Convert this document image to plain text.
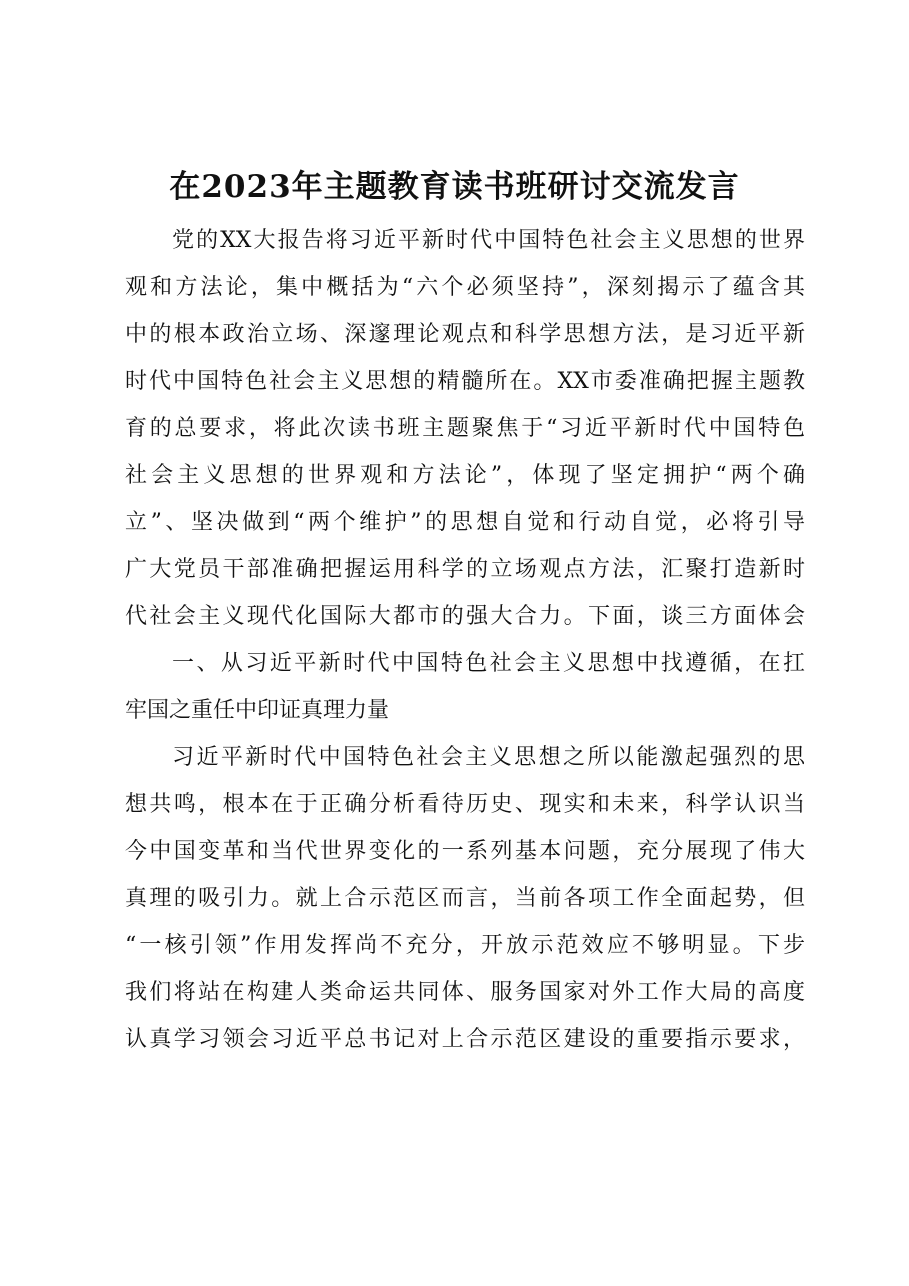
在2023年主题教育读书班研讨交流发言
党的XX大报告将习近平新时代中国特色社会主义思想的世界
观和方法论，集中概括为“六个必须坚持”，深刻揭示了蕴含其
中的根本政治立场、深邃理论观点和科学思想方法，是习近平新
时代中国特色社会主义思想的精髓所在。XX市委准确把握主题教
育的总要求，将此次读书班主题聚焦于“习近平新时代中国特色
社会主义思想的世界观和方法论”，体现了坚定拥护“两个确
立”、坚决做到“两个维护”的思想自觉和行动自觉，必将引导
广大党员干部准确把握运用科学的立场观点方法，汇聚打造新时
代社会主义现代化国际大都市的强大合力。下面，谈三方面体会
一、从习近平新时代中国特色社会主义思想中找遵循，在扛
牢国之重任中印证真理力量
习近平新时代中国特色社会主义思想之所以能激起强烈的思
想共鸣，根本在于正确分析看待历史、现实和未来，科学认识当
今中国变革和当代世界变化的一系列基本问题，充分展现了伟大
真理的吸引力。就上合示范区而言，当前各项工作全面起势，但
“一核引领”作用发挥尚不充分，开放示范效应不够明显。下步
我们将站在构建人类命运共同体、服务国家对外工作大局的高度
认真学习领会习近平总书记对上合示范区建设的重要指示要求，
